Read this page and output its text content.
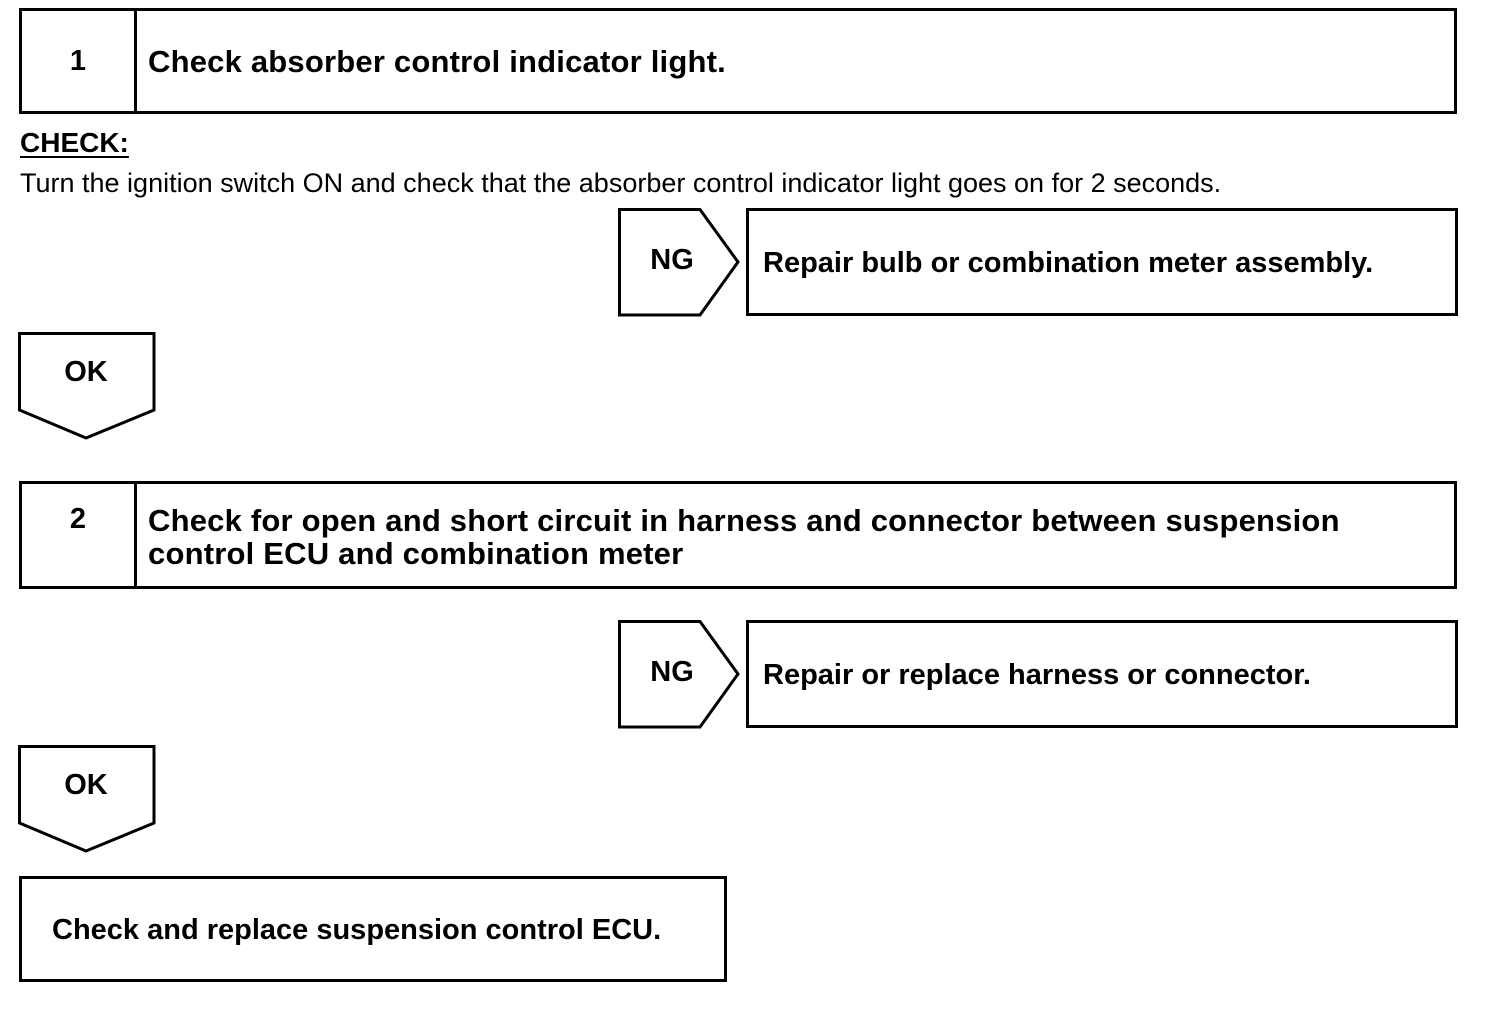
1	Check absorber control indicator light.
CHECK:
Turn the ignition switch ON and check that the absorber control indicator light goes on for 2 seconds.
NG	Repair bulb or combination meter assembly.
OK
2	Check for open and short circuit in harness and connector between suspension
control ECU and combination meter
NG	Repair or replace harness or connector.
OK
Check and replace suspension control ECU.
